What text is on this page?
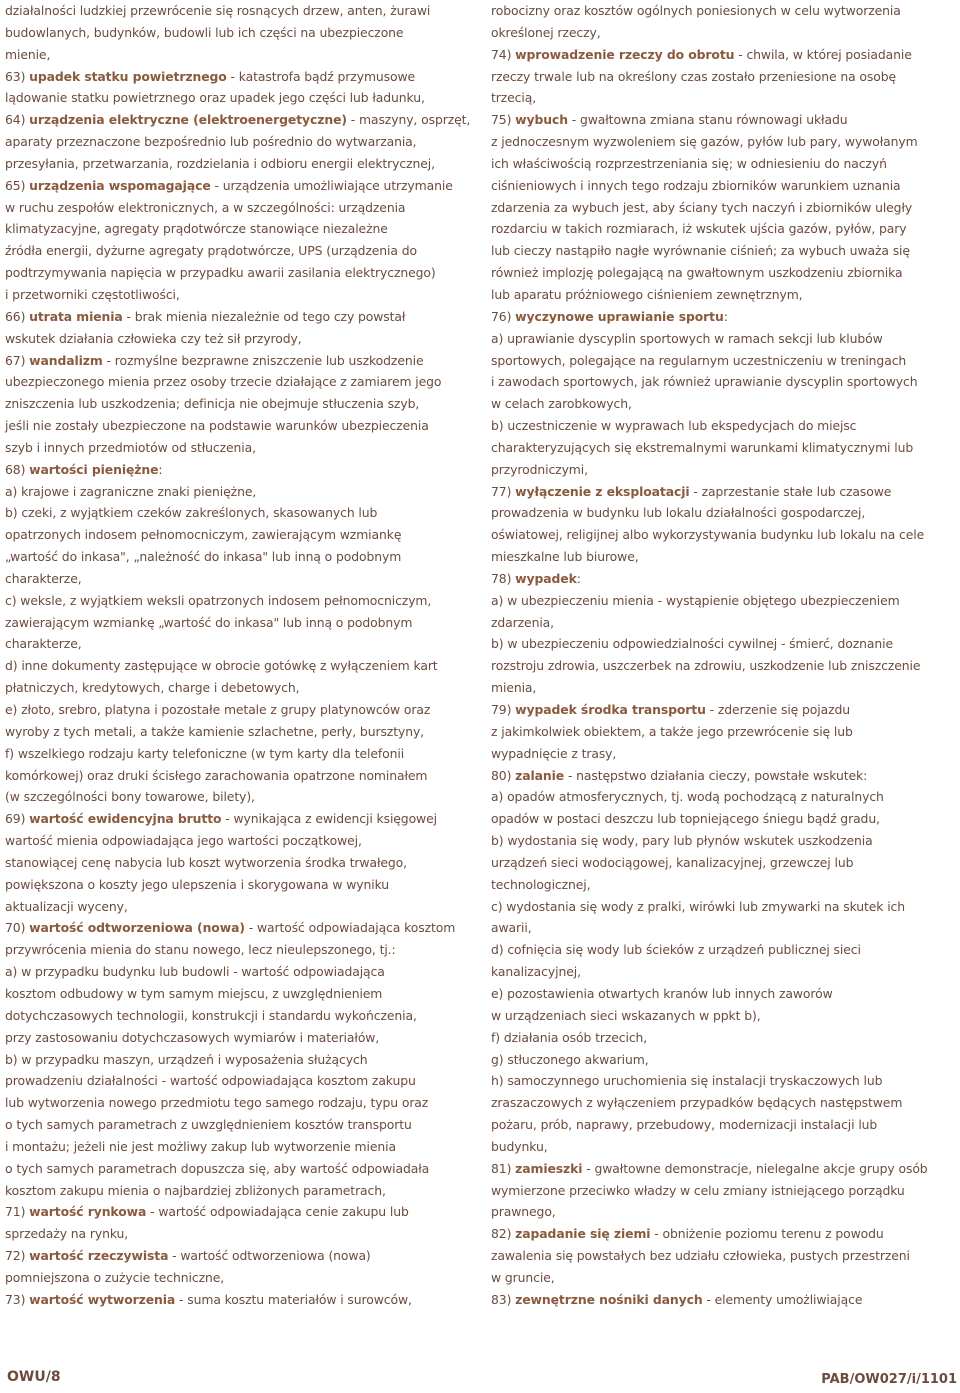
działalności ludzkiej przewrócenie się rosnących drzew, anten, żurawi
budowlanych, budynków, budowli lub ich części na ubezpieczone
mienie,
63) upadek statku powietrznego - katastrofa bądź przymusowe
lądowanie statku powietrznego oraz upadek jego części lub ładunku,
64) urządzenia elektryczne (elektroenergetyczne) - maszyny, osprzęt,
aparaty przeznaczone bezpośrednio lub pośrednio do wytwarzania,
przesyłania, przetwarzania, rozdzielania i odbioru energii elektrycznej,
65) urządzenia wspomagające - urządzenia umożliwiające utrzymanie
w ruchu zespołów elektronicznych, a w szczególności: urządzenia
klimatyzacyjne, agregaty prądotwórcze stanowiące niezależne
źródła energii, dyżurne agregaty prądotwórcze, UPS (urządzenia do
podtrzymywania napięcia w przypadku awarii zasilania elektrycznego)
i przetworniki częstotliwości,
66) utrata mienia - brak mienia niezależnie od tego czy powstał
wskutek działania człowieka czy też sił przyrody,
67) wandalizm - rozmyślne bezprawne zniszczenie lub uszkodzenie
ubezpieczonego mienia przez osoby trzecie działające z zamiarem jego
zniszczenia lub uszkodzenia; definicja nie obejmuje stłuczenia szyb,
jeśli nie zostały ubezpieczone na podstawie warunków ubezpieczenia
szyb i innych przedmiotów od stłuczenia,
68) wartości pieniężne:
a) krajowe i zagraniczne znaki pieniężne,
b) czeki, z wyjątkiem czeków zakreślonych, skasowanych lub
opatrzonych indosem pełnomocniczym, zawierającym wzmiankę
„wartość do inkasa", „należność do inkasa" lub inną o podobnym
charakterze,
c) weksle, z wyjątkiem weksli opatrzonych indosem pełnomocniczym,
zawierającym wzmiankę „wartość do inkasa" lub inną o podobnym
charakterze,
d) inne dokumenty zastępujące w obrocie gotówkę z wyłączeniem kart
płatniczych, kredytowych, charge i debetowych,
e) złoto, srebro, platyna i pozostałe metale z grupy platynowców oraz
wyroby z tych metali, a także kamienie szlachetne, perły, bursztyny,
f) wszelkiego rodzaju karty telefoniczne (w tym karty dla telefonii
komórkowej) oraz druki ścisłego zarachowania opatrzone nominałem
(w szczególności bony towarowe, bilety),
69) wartość ewidencyjna brutto - wynikająca z ewidencji księgowej
wartość mienia odpowiadająca jego wartości początkowej,
stanowiącej cenę nabycia lub koszt wytworzenia środka trwałego,
powiększona o koszty jego ulepszenia i skorygowana w wyniku
aktualizacji wyceny,
70) wartość odtworzeniowa (nowa) - wartość odpowiadająca kosztom
przywrócenia mienia do stanu nowego, lecz nieulepszonego, tj.:
a) w przypadku budynku lub budowli - wartość odpowiadająca
kosztom odbudowy w tym samym miejscu, z uwzględnieniem
dotychczasowych technologii, konstrukcji i standardu wykończenia,
przy zastosowaniu dotychczasowych wymiarów i materiałów,
b) w przypadku maszyn, urządzeń i wyposażenia służących
prowadzeniu działalności - wartość odpowiadająca kosztom zakupu
lub wytworzenia nowego przedmiotu tego samego rodzaju, typu oraz
o tych samych parametrach z uwzględnieniem kosztów transportu
i montażu; jeżeli nie jest możliwy zakup lub wytworzenie mienia
o tych samych parametrach dopuszcza się, aby wartość odpowiadała
kosztom zakupu mienia o najbardziej zbliżonych parametrach,
71) wartość rynkowa - wartość odpowiadająca cenie zakupu lub
sprzedaży na rynku,
72) wartość rzeczywista - wartość odtworzeniowa (nowa)
pomniejszona o zużycie techniczne,
73) wartość wytworzenia - suma kosztu materiałów i surowców,
robocizny oraz kosztów ogólnych poniesionych w celu wytworzenia
określonej rzeczy,
74) wprowadzenie rzeczy do obrotu - chwila, w której posiadanie
rzeczy trwale lub na określony czas zostało przeniesione na osobę
trzecią,
75) wybuch - gwałtowna zmiana stanu równowagi układu
z jednoczesnym wyzwoleniem się gazów, pyłów lub pary, wywołanym
ich właściwością rozprzestrzeniania się; w odniesieniu do naczyń
ciśnieniowych i innych tego rodzaju zbiorników warunkiem uznania
zdarzenia za wybuch jest, aby ściany tych naczyń i zbiorników uległy
rozdarciu w takich rozmiarach, iż wskutek ujścia gazów, pyłów, pary
lub cieczy nastąpiło nagłe wyrównanie ciśnień; za wybuch uważa się
również implozję polegającą na gwałtownym uszkodzeniu zbiornika
lub aparatu próżniowego ciśnieniem zewnętrznym,
76) wyczynowe uprawianie sportu:
a) uprawianie dyscyplin sportowych w ramach sekcji lub klubów
sportowych, polegające na regularnym uczestniczeniu w treningach
i zawodach sportowych, jak również uprawianie dyscyplin sportowych
w celach zarobkowych,
b) uczestniczenie w wyprawach lub ekspedycjach do miejsc
charakteryzujących się ekstremalnymi warunkami klimatycznymi lub
przyrodniczymi,
77) wyłączenie z eksploatacji - zaprzestanie stałe lub czasowe
prowadzenia w budynku lub lokalu działalności gospodarczej,
oświatowej, religijnej albo wykorzystywania budynku lub lokalu na cele
mieszkalne lub biurowe,
78) wypadek:
a) w ubezpieczeniu mienia - wystąpienie objętego ubezpieczeniem
zdarzenia,
b) w ubezpieczeniu odpowiedzialności cywilnej - śmierć, doznanie
rozstroju zdrowia, uszczerbek na zdrowiu, uszkodzenie lub zniszczenie
mienia,
79) wypadek środka transportu - zderzenie się pojazdu
z jakimkolwiek obiektem, a także jego przewrócenie się lub
wypadnięcie z trasy,
80) zalanie - następstwo działania cieczy, powstałe wskutek:
a) opadów atmosferycznych, tj. wodą pochodzącą z naturalnych
opadów w postaci deszczu lub topniejącego śniegu bądź gradu,
b) wydostania się wody, pary lub płynów wskutek uszkodzenia
urządzeń sieci wodociągowej, kanalizacyjnej, grzewczej lub
technologicznej,
c) wydostania się wody z pralki, wirówki lub zmywarki na skutek ich
awarii,
d) cofnięcia się wody lub ścieków z urządzeń publicznej sieci
kanalizacyjnej,
e) pozostawienia otwartych kranów lub innych zaworów
w urządzeniach sieci wskazanych w ppkt b),
f) działania osób trzecich,
g) stłuczonego akwarium,
h) samoczynnego uruchomienia się instalacji tryskaczowych lub
zraszaczowych z wyłączeniem przypadków będących następstwem
pożaru, prób, naprawy, przebudowy, modernizacji instalacji lub
budynku,
81) zamieszki - gwałtowne demonstracje, nielegalne akcje grupy osób
wymierzone przeciwko władzy w celu zmiany istniejącego porządku
prawnego,
82) zapadanie się ziemi - obniżenie poziomu terenu z powodu
zawalenia się powstałych bez udziału człowieka, pustych przestrzeni
w gruncie,
83) zewnętrzne nośniki danych - elementy umożliwiające
OWU/8	PAB/OW027/i/1101
